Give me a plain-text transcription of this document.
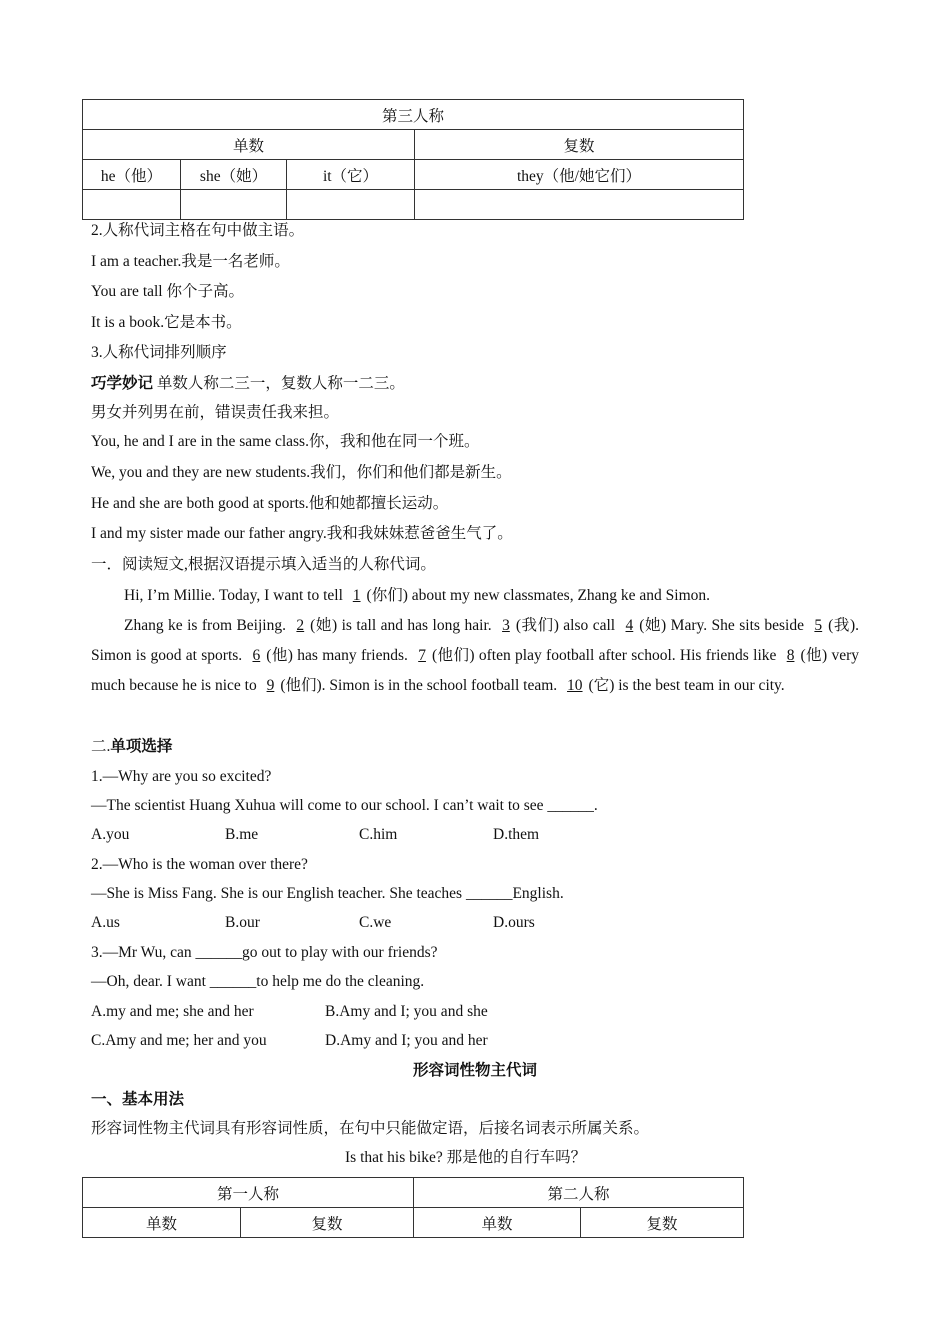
第三人称			
单数			复数
he（他）	she（她）	it（它）	they（他/她它们）

2.人称代词主格在句中做主语。
I am a teacher.我是一名老师。
You are tall 你个子高。
It is a book.它是本书。
3.人称代词排列顺序
巧学妙记 单数人称二三一，复数人称一二三。
男女并列男在前，错误责任我来担。
You, he and I are in the same class.你，我和他在同一个班。
We, you and they are new students.我们，你们和他们都是新生。
He and she are both good at sports.他和她都擅长运动。
I and my sister made our father angry.我和我妹妹惹爸爸生气了。
一．阅读短文,根据汉语提示填入适当的人称代词。
Hi, I’m Millie. Today, I want to tell 1 (你们) about my new classmates, Zhang ke and Simon.
Zhang ke is from Beijing. 2 (她) is tall and has long hair. 3 (我们) also call 4 (她) Mary. She sits beside 5 (我). Simon is good at sports. 6 (他) has many friends. 7 (他们) often play football after school. His friends like 8 (他) very much because he is nice to 9 (他们). Simon is in the school football team. 10 (它) is the best team in our city.
二.单项选择
1.—Why are you so excited?
—The scientist Huang Xuhua will come to our school. I can’t wait to see ______.
A.you	B.me	C.him	D.them
2.—Who is the woman over there?
—She is Miss Fang. She is our English teacher. She teaches ______English.
A.us	B.our	C.we	D.ours
3.—Mr Wu, can ______go out to play with our friends?
—Oh, dear. I want ______to help me do the cleaning.
A.my and me; she and her	B.Amy and I; you and she
C.Amy and me; her and you	D.Amy and I; you and her
形容词性物主代词
一、基本用法
形容词性物主代词具有形容词性质，在句中只能做定语，后接名词表示所属关系。
Is that his bike? 那是他的自行车吗？
第一人称		第二人称	
单数	复数	单数	复数
